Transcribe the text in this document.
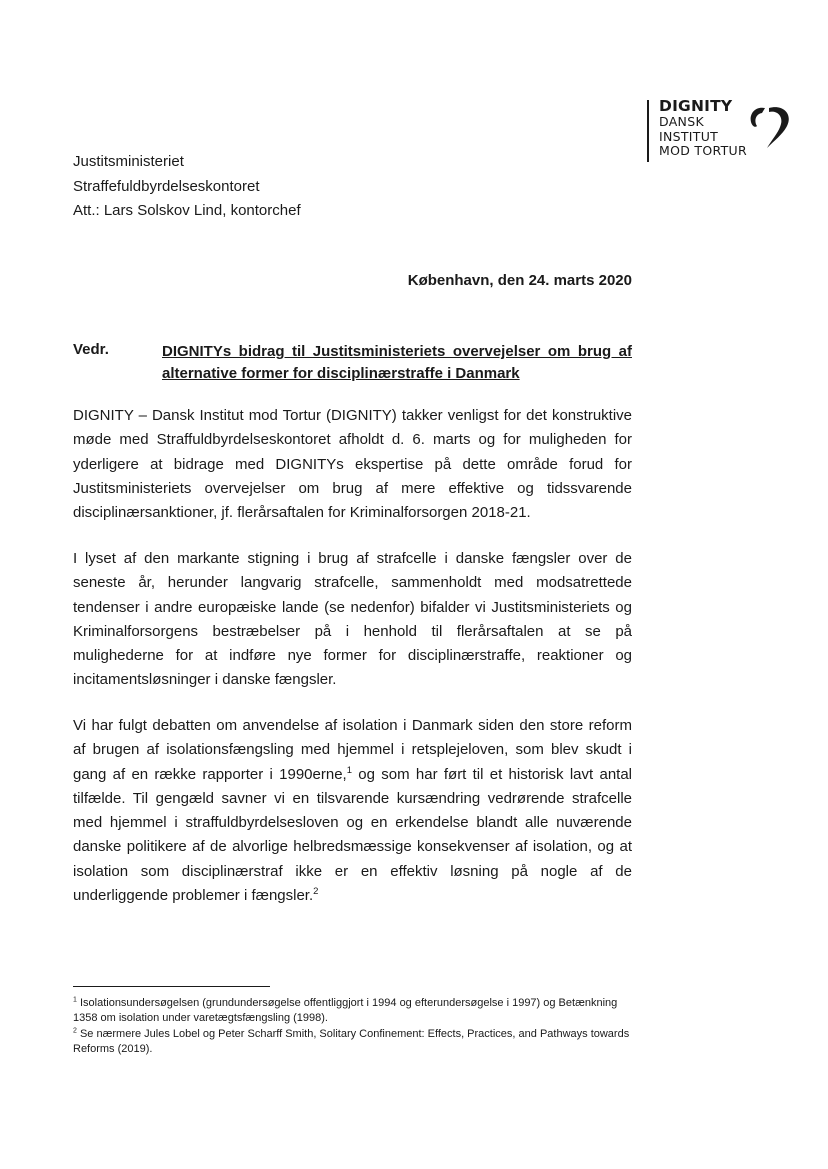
DIGNITY
DANSK
INSTITUT
MOD TORTUR
Justitsministeriet
Straffefuldbyrdelseskontoret
Att.: Lars Solskov Lind, kontorchef
København, den 24. marts 2020
Vedr.	DIGNITYs bidrag til Justitsministeriets overvejelser om brug af alternative former for disciplinærstraffe i Danmark

DIGNITY – Dansk Institut mod Tortur (DIGNITY) takker venligst for det konstruktive møde med Straffuldbyrdelseskontoret afholdt d. 6. marts og for muligheden for yderligere at bidrage med DIGNITYs ekspertise på dette område forud for Justitsministeriets overvejelser om brug af mere effektive og tidssvarende disciplinærsanktioner, jf. flerårsaftalen for Kriminalforsorgen 2018-21.

I lyset af den markante stigning i brug af strafcelle i danske fængsler over de seneste år, herunder langvarig strafcelle, sammenholdt med modsatrettede tendenser i andre europæiske lande (se nedenfor) bifalder vi Justitsministeriets og Kriminalforsorgens bestræbelser på i henhold til flerårsaftalen at se på mulighederne for at indføre nye former for disciplinærstraffe, reaktioner og incitamentsløsninger i danske fængsler.

Vi har fulgt debatten om anvendelse af isolation i Danmark siden den store reform af brugen af isolationsfængsling med hjemmel i retsplejeloven, som blev skudt i gang af en række rapporter i 1990erne,$^1$ og som har ført til et historisk lavt antal tilfælde. Til gengæld savner vi en tilsvarende kursændring vedrørende strafcelle med hjemmel i straffuldbyrdelsesloven og en erkendelse blandt alle nuværende danske politikere af de alvorlige helbredsmæssige konsekvenser af isolation, og at isolation som disciplinærstraf ikke er en effektiv løsning på nogle af de underliggende problemer i fængsler.$^2$

$^1$ Isolationsundersøgelsen (grundundersøgelse offentliggjort i 1994 og efterundersøgelse i 1997) og Betænkning 1358 om isolation under varetægtsfængsling (1998).

$^2$ Se nærmere Jules Lobel og Peter Scharff Smith, Solitary Confinement: Effects, Practices, and Pathways towards Reforms (2019).
